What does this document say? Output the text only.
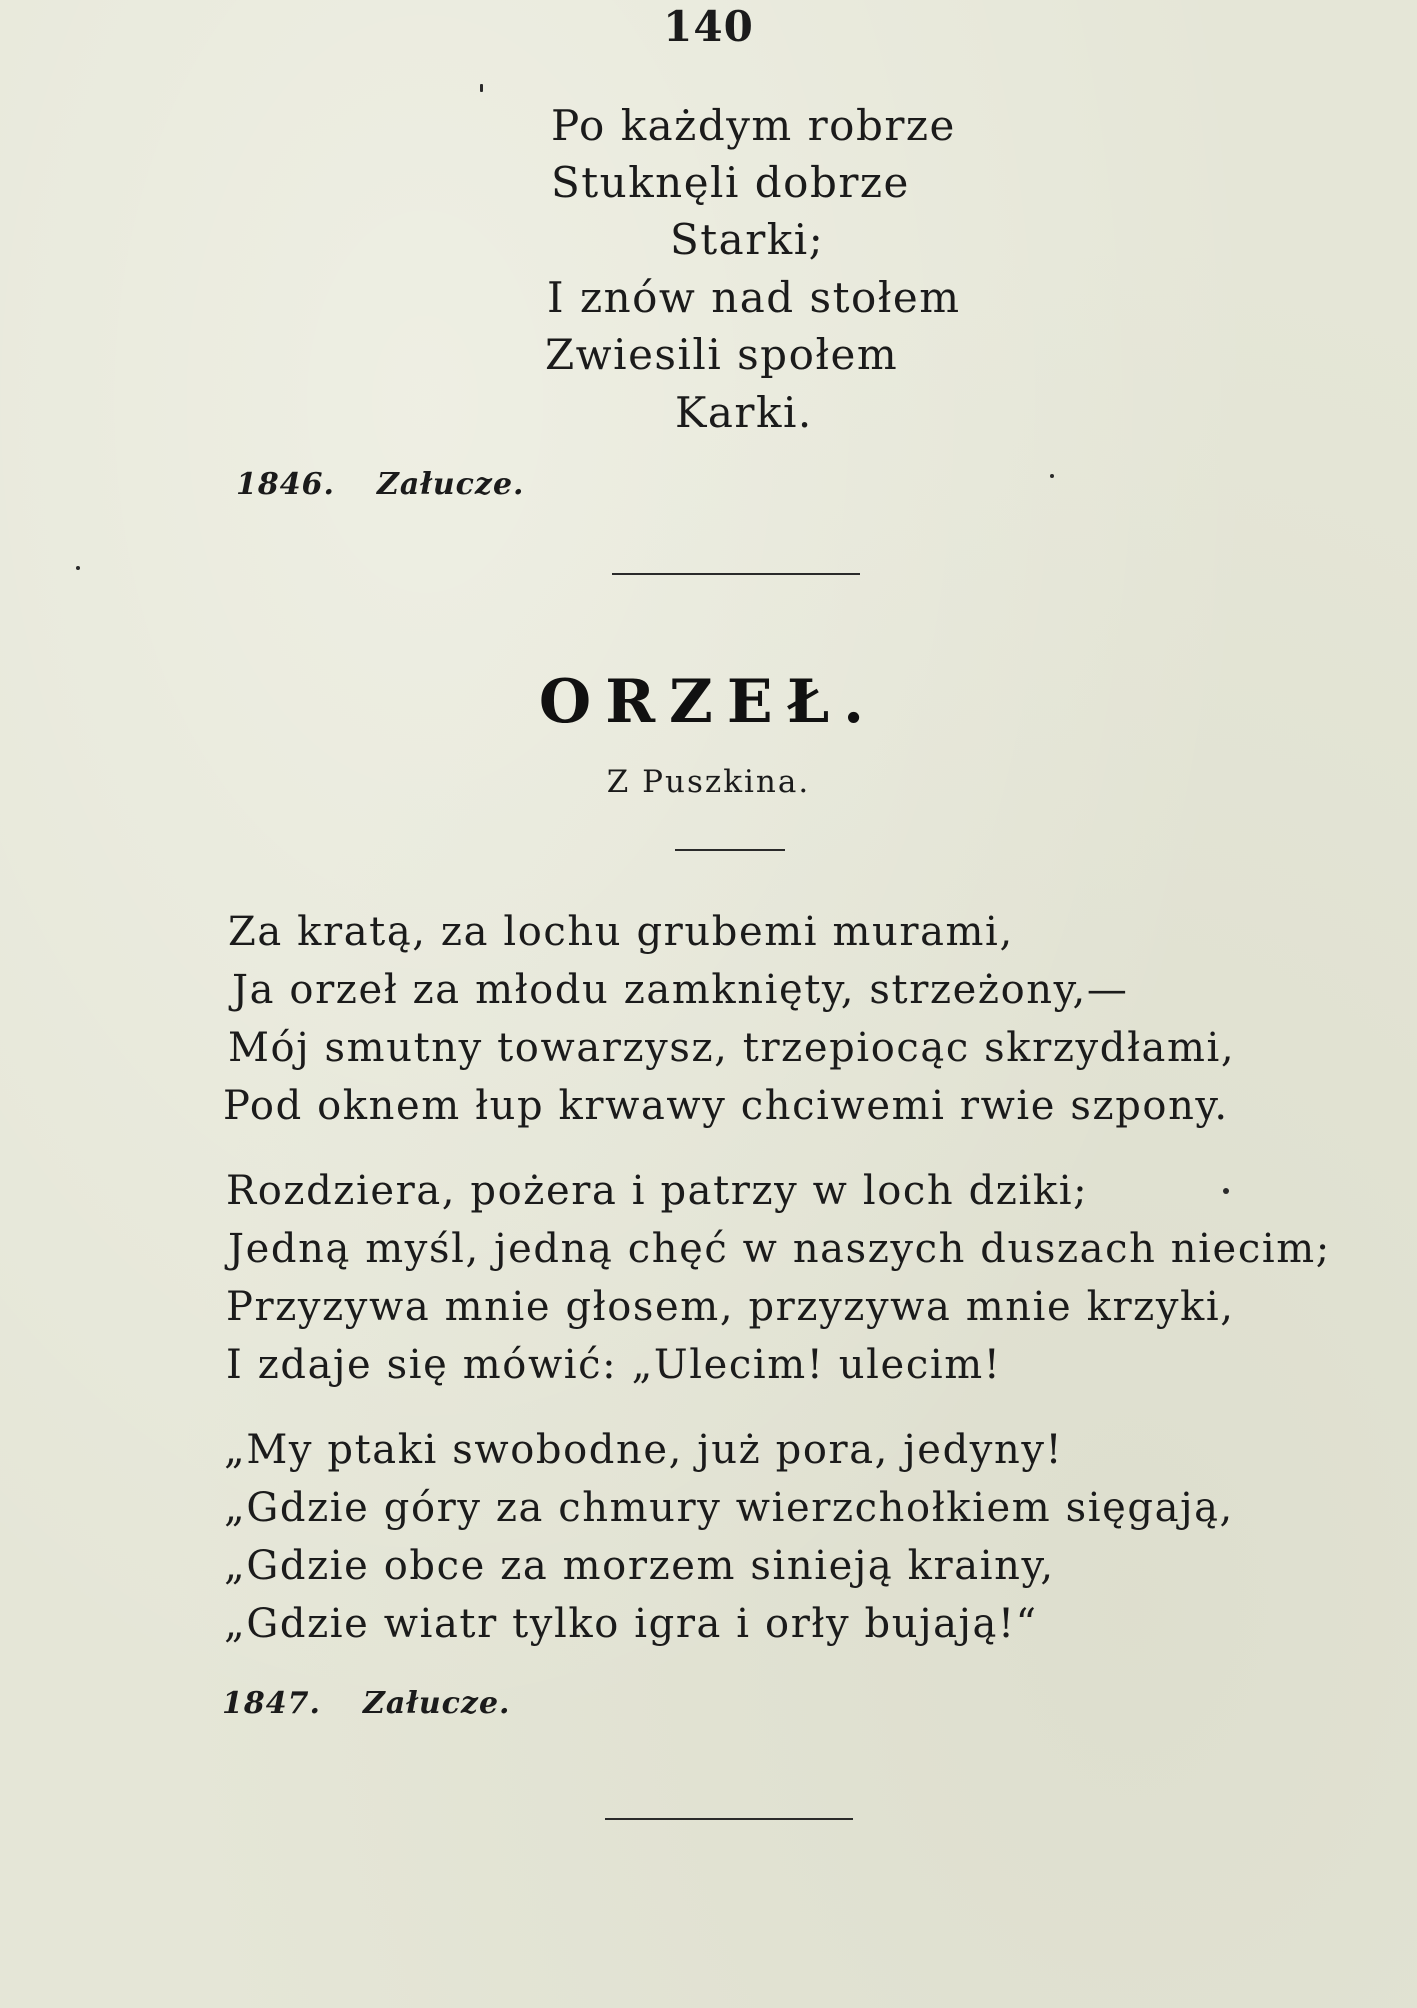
140
Po każdym robrze
Stuknęli dobrze
Starki;
I znów nad stołem
Zwiesili społem
Karki.
1846. Załucze.
ORZEŁ.
Z Puszkina.
Za kratą, za lochu grubemi murami,
Ja orzeł za młodu zamknięty, strzeżony,—
Mój smutny towarzysz, trzepiocąc skrzydłami,
Pod oknem łup krwawy chciwemi rwie szpony.
Rozdziera, pożera i patrzy w loch dziki;
Jedną myśl, jedną chęć w naszych duszach niecim;
Przyzywa mnie głosem, przyzywa mnie krzyki,
I zdaje się mówić: „Ulecim! ulecim!
„My ptaki swobodne, już pora, jedyny!
„Gdzie góry za chmury wierzchołkiem sięgają,
„Gdzie obce za morzem sinieją krainy,
„Gdzie wiatr tylko igra i orły bujają!“
1847. Załucze.
